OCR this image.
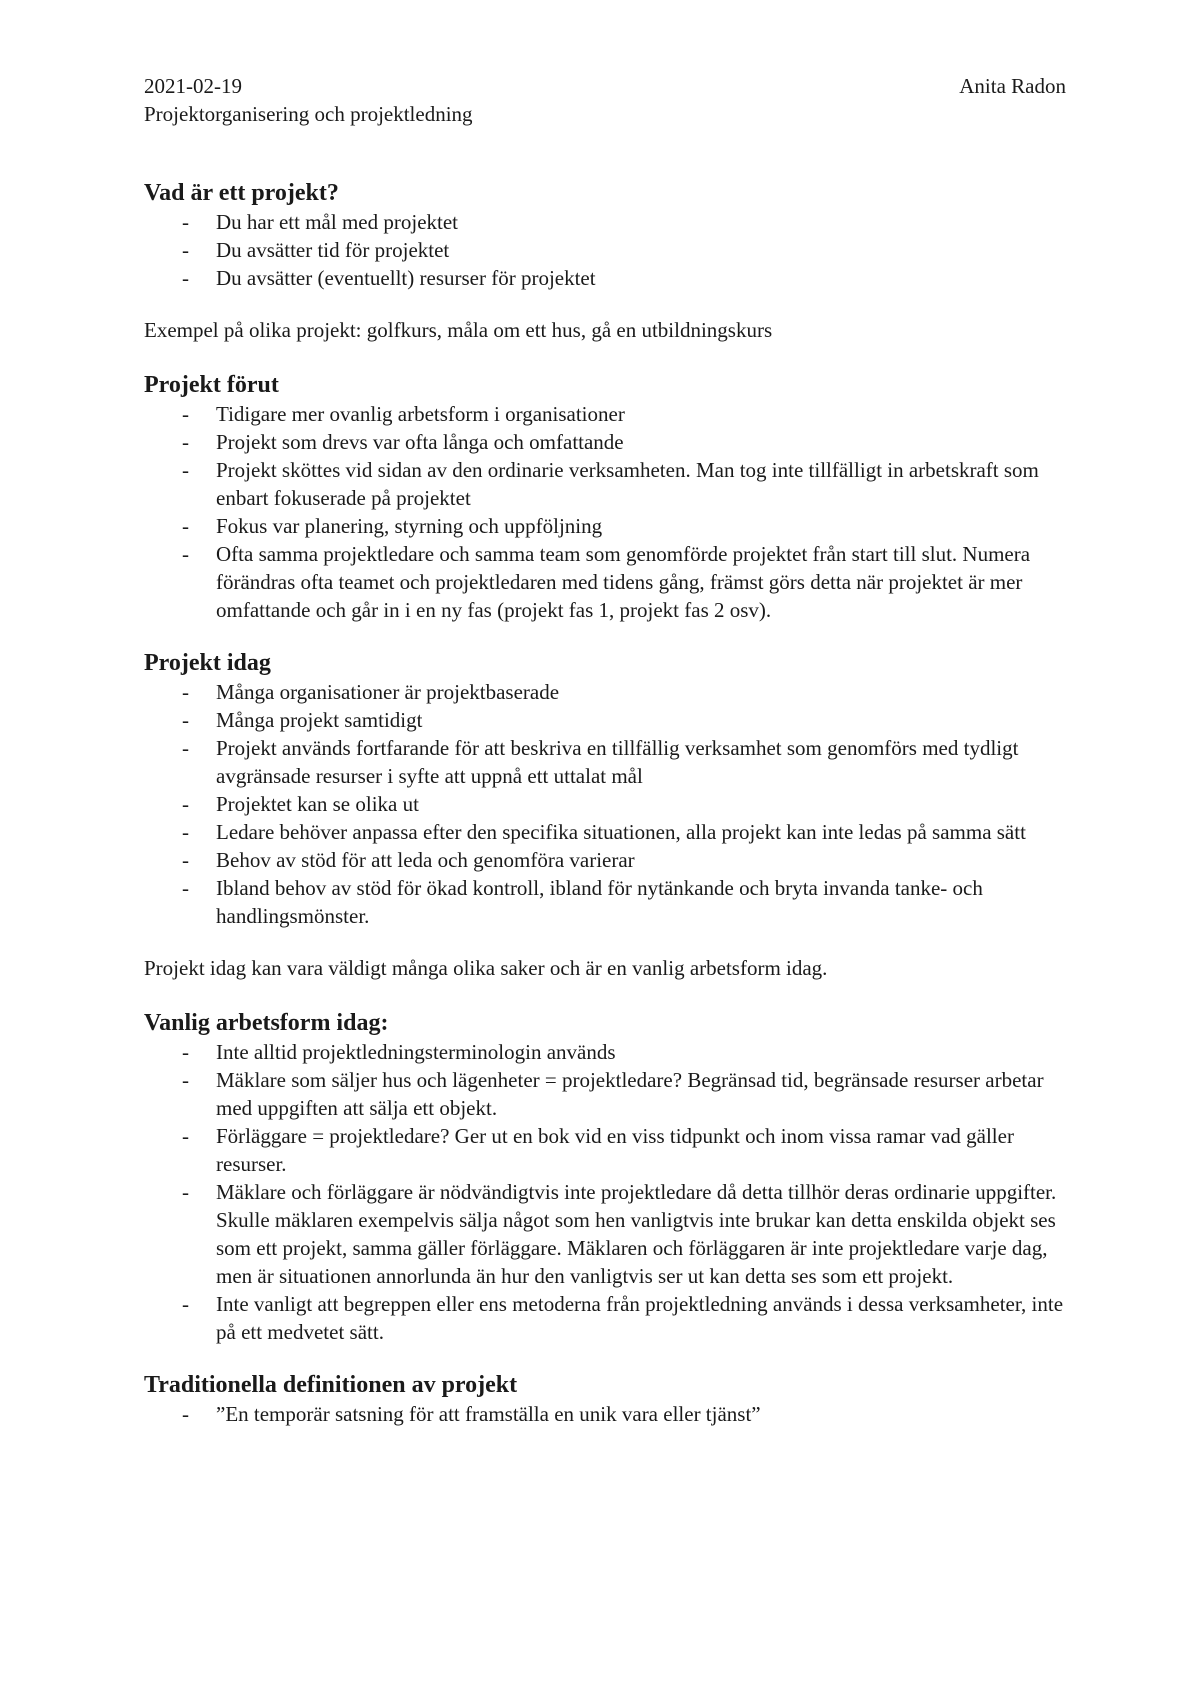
2021-02-19	Anita Radon
Projektorganisering och projektledning
Vad är ett projekt?
- Du har ett mål med projektet
- Du avsätter tid för projektet
- Du avsätter (eventuellt) resurser för projektet

Exempel på olika projekt: golfkurs, måla om ett hus, gå en utbildningskurs

Projekt förut
- Tidigare mer ovanlig arbetsform i organisationer
- Projekt som drevs var ofta långa och omfattande
- Projekt sköttes vid sidan av den ordinarie verksamheten. Man tog inte tillfälligt in arbetskraft som enbart fokuserade på projektet
- Fokus var planering, styrning och uppföljning
- Ofta samma projektledare och samma team som genomförde projektet från start till slut. Numera förändras ofta teamet och projektledaren med tidens gång, främst görs detta när projektet är mer omfattande och går in i en ny fas (projekt fas 1, projekt fas 2 osv).
Projekt idag
- Många organisationer är projektbaserade
- Många projekt samtidigt
- Projekt används fortfarande för att beskriva en tillfällig verksamhet som genomförs med tydligt avgränsade resurser i syfte att uppnå ett uttalat mål
- Projektet kan se olika ut
- Ledare behöver anpassa efter den specifika situationen, alla projekt kan inte ledas på samma sätt
- Behov av stöd för att leda och genomföra varierar
- Ibland behov av stöd för ökad kontroll, ibland för nytänkande och bryta invanda tanke- och handlingsmönster.

Projekt idag kan vara väldigt många olika saker och är en vanlig arbetsform idag.

Vanlig arbetsform idag:
- Inte alltid projektledningsterminologin används
- Mäklare som säljer hus och lägenheter = projektledare? Begränsad tid, begränsade resurser arbetar med uppgiften att sälja ett objekt.
- Förläggare = projektledare? Ger ut en bok vid en viss tidpunkt och inom vissa ramar vad gäller resurser.
- Mäklare och förläggare är nödvändigtvis inte projektledare då detta tillhör deras ordinarie uppgifter. Skulle mäklaren exempelvis sälja något som hen vanligtvis inte brukar kan detta enskilda objekt ses som ett projekt, samma gäller förläggare. Mäklaren och förläggaren är inte projektledare varje dag, men är situationen annorlunda än hur den vanligtvis ser ut kan detta ses som ett projekt.
- Inte vanligt att begreppen eller ens metoderna från projektledning används i dessa verksamheter, inte på ett medvetet sätt.
Traditionella definitionen av projekt
- ”En temporär satsning för att framställa en unik vara eller tjänst”
